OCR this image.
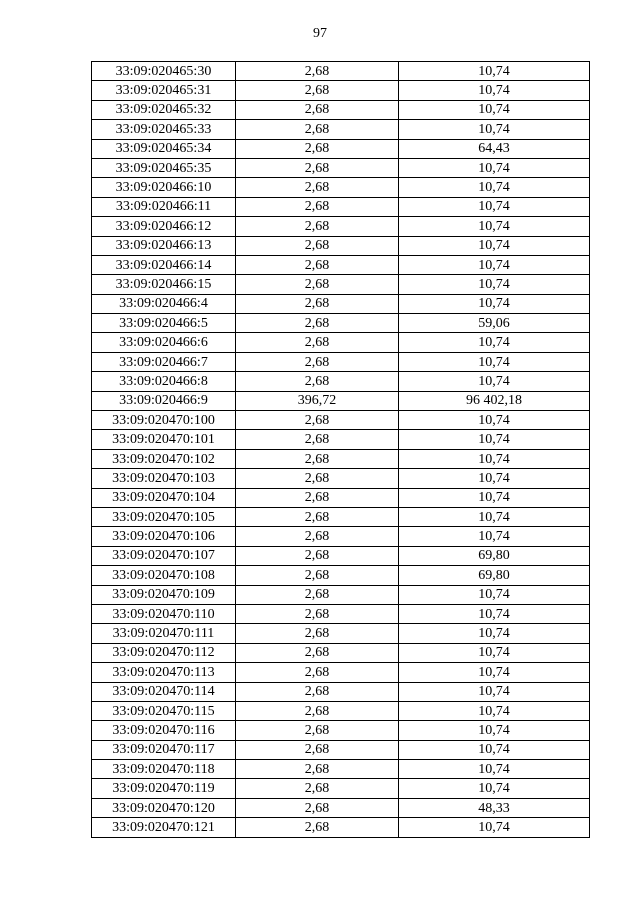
97
33:09:020465:30	2,68	10,74
33:09:020465:31	2,68	10,74
33:09:020465:32	2,68	10,74
33:09:020465:33	2,68	10,74
33:09:020465:34	2,68	64,43
33:09:020465:35	2,68	10,74
33:09:020466:10	2,68	10,74
33:09:020466:11	2,68	10,74
33:09:020466:12	2,68	10,74
33:09:020466:13	2,68	10,74
33:09:020466:14	2,68	10,74
33:09:020466:15	2,68	10,74
33:09:020466:4	2,68	10,74
33:09:020466:5	2,68	59,06
33:09:020466:6	2,68	10,74
33:09:020466:7	2,68	10,74
33:09:020466:8	2,68	10,74
33:09:020466:9	396,72	96 402,18
33:09:020470:100	2,68	10,74
33:09:020470:101	2,68	10,74
33:09:020470:102	2,68	10,74
33:09:020470:103	2,68	10,74
33:09:020470:104	2,68	10,74
33:09:020470:105	2,68	10,74
33:09:020470:106	2,68	10,74
33:09:020470:107	2,68	69,80
33:09:020470:108	2,68	69,80
33:09:020470:109	2,68	10,74
33:09:020470:110	2,68	10,74
33:09:020470:111	2,68	10,74
33:09:020470:112	2,68	10,74
33:09:020470:113	2,68	10,74
33:09:020470:114	2,68	10,74
33:09:020470:115	2,68	10,74
33:09:020470:116	2,68	10,74
33:09:020470:117	2,68	10,74
33:09:020470:118	2,68	10,74
33:09:020470:119	2,68	10,74
33:09:020470:120	2,68	48,33
33:09:020470:121	2,68	10,74
